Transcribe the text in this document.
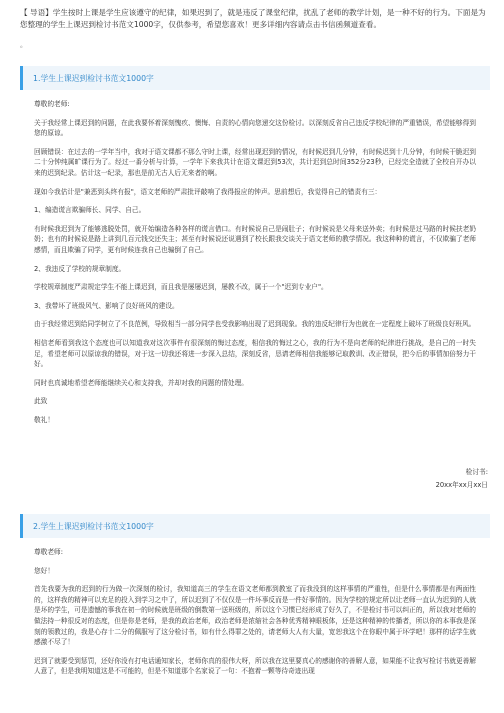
【 导语】学生按时上课是学生应该遵守的纪律，如果迟到了，就是违反了课堂纪律，扰乱了老师的教学计划，是一种不好的行为。下面是为您整理的学生上课迟到检讨书范文1000字，仅供参考，希望您喜欢！更多详细内容请点击书信函频道查看。

。
1.学生上课迟到检讨书范文1000字

尊敬的老师:

关于我经常上课迟到的问题，在此我要怀着深刻愧疚、懊悔、自责的心情向您递交这份检讨。以深刻反省自己违反学校纪律的严重错误，希望能够得到您的原谅。

回顾错误：在过去的一学年当中，我对于语文课都不那么守时上课，经常出现迟到的情况，有时候迟到几分钟，有时候迟到十几分钟，有时候干脆迟到二十分钟纯属旷课行为了。经过一番分析与计算，一学年下来我共计在语文课迟到53次，共计迟到总时间352分23秒，已经完全造就了全校自开办以来的迟到纪录。估计这一纪录，那也是前无古人后无来者的啊。

现如今我估计是"兼恶到头终有报"，语文老师的严肃批评敲响了我得报应的钟声。思前想后，我觉得自己的错责有三：

1、编造谎言欺骗师长、同学、自己。

有时候我迟到为了能够逃脱处罚，就开始编造各种各样的谎言借口。有时候说自己是闹肚子；有时候说是父母来送外卖；有时候是过马路的时候扶老奶奶；也有的时候说是路上讲到几百元钱交还失主；甚至有时候说还说遇到了校长跟我交谈关于语文老师的教学情况。我这种种的谎言，不仅欺骗了老师感情，而且欺骗了同学，更有时候连我自己也骗倒了自己。

2、我违反了学校的规章制度。

学校规章制度严肃规定学生不能上课迟到，而且我是屡屡迟到，屡教不改，属于一个"迟到专业户"。

3、我带坏了班级风气、影响了良好班风的建设。

由于我经常迟到给同学树立了不良范例，导致相当一部分同学也受我影响出现了迟到现象。我的违反纪律行为也就在一定程度上破坏了班级良好班风。

相信老师看到我这个态度也可以知道我对这次事件有很深刻的悔过态度，相信我的悔过之心，我的行为不是向老师的纪律进行挑战，是自己的一时失足，希望老师可以原谅我的错误，对于这一切我还将进一步深入总结，深刻反省，恳请老师相信我能够记取教训、改正错误，把今后的事情加倍努力干好。

同时也真诚地希望老师能继续关心和支持我，并却对我的问题的情处理。

此致

敬礼！

检讨书:
20xx年xx月xx日
2.学生上课迟到检讨书范文1000字

尊敬老师:

您好！

首先我要为我的迟到的行为做一次深刻的检讨，我知道高三的学生在语文老师都到教室了而我没到的这样事情的严重性，但是什么事情都是有两面性的，这样我的精神可以充足的投入到学习之中了，所以迟到了不仅仅是一件坏事反而是一件好事情的。因为学校的规定所以让老师一直认为迟到的人就是坏的学生，可是遗憾的事我在初一的时候就是班级的倒数第一送班级的，所以这个习惯已经形成了好久了，不是检讨书可以纠正的，所以我对老师的做法持一种很反对的态度，但是你是老师，是我的政治老师，政治老师是浓缩社会各种优秀精神眼板体，还是这种精神的传播者，所以你的本事我是深刻的领教过的，我是心存十二分的佩服写了这分检讨书，如有什么得罪之处的，请老师大人有大量，宽恕我这个在你眼中属于坏学吧！那样的话学生就感激不尽了！

迟到了就要受到惩罚，还好你没有打电话通知家长，老师你真的很伟大呀，所以我在这里要真心的感谢你的善解人意，如果能不让我写检讨书就更善解人意了，但是我明知道这是不可能的，但是不知道那个名家说了一句：不抱着一颗等待奇迹出现
